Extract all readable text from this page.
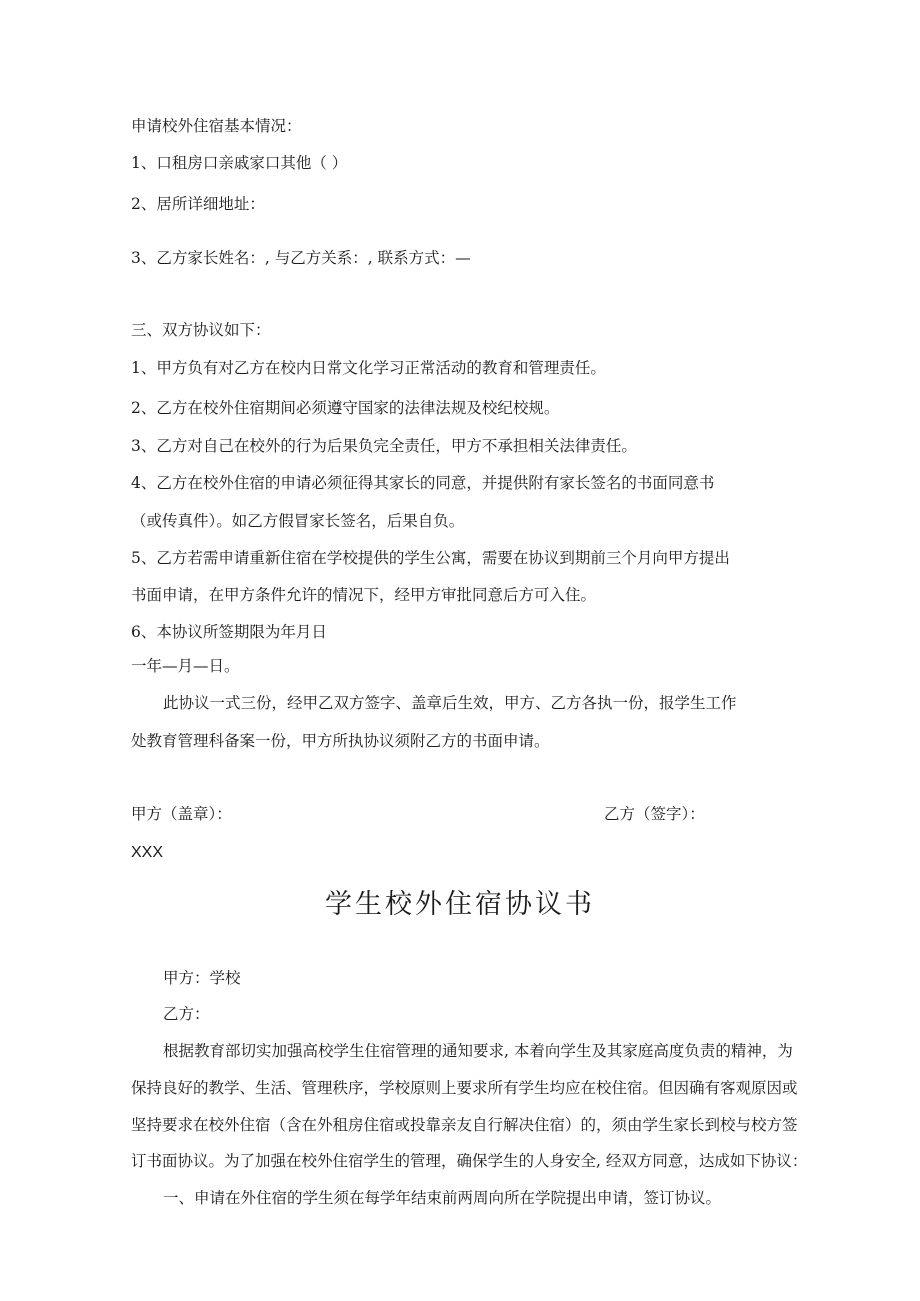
申请校外住宿基本情况：
1、口租房口亲戚家口其他（ ）
2、居所详细地址：
3、乙方家长姓名：, 与乙方关系：, 联系方式：—
三、双方协议如下：
1、甲方负有对乙方在校内日常文化学习正常活动的教育和管理责任。
2、乙方在校外住宿期间必须遵守国家的法律法规及校纪校规。
3、乙方对自己在校外的行为后果负完全责任，甲方不承担相关法律责任。
4、乙方在校外住宿的申请必须征得其家长的同意，并提供附有家长签名的书面同意书
（或传真件）。如乙方假冒家长签名，后果自负。
5、乙方若需申请重新住宿在学校提供的学生公寓，需要在协议到期前三个月向甲方提出
书面申请，在甲方条件允许的情况下，经甲方审批同意后方可入住。
6、本协议所签期限为年月日
一年—月—日。
此协议一式三份，经甲乙双方签字、盖章后生效，甲方、乙方各执一份，报学生工作
处教育管理科备案一份，甲方所执协议须附乙方的书面申请。
甲方（盖章）：	乙方（签字）：
XXX
学生校外住宿协议书
甲方：学校
乙方：
根据教育部切实加强高校学生住宿管理的通知要求, 本着向学生及其家庭高度负责的精神，为
保持良好的教学、生活、管理秩序，学校原则上要求所有学生均应在校住宿。但因确有客观原因或
坚持要求在校外住宿（含在外租房住宿或投靠亲友自行解决住宿）的，须由学生家长到校与校方签
订书面协议。为了加强在校外住宿学生的管理，确保学生的人身安全, 经双方同意，达成如下协议：
一、申请在外住宿的学生须在每学年结束前两周向所在学院提出申请，签订协议。
